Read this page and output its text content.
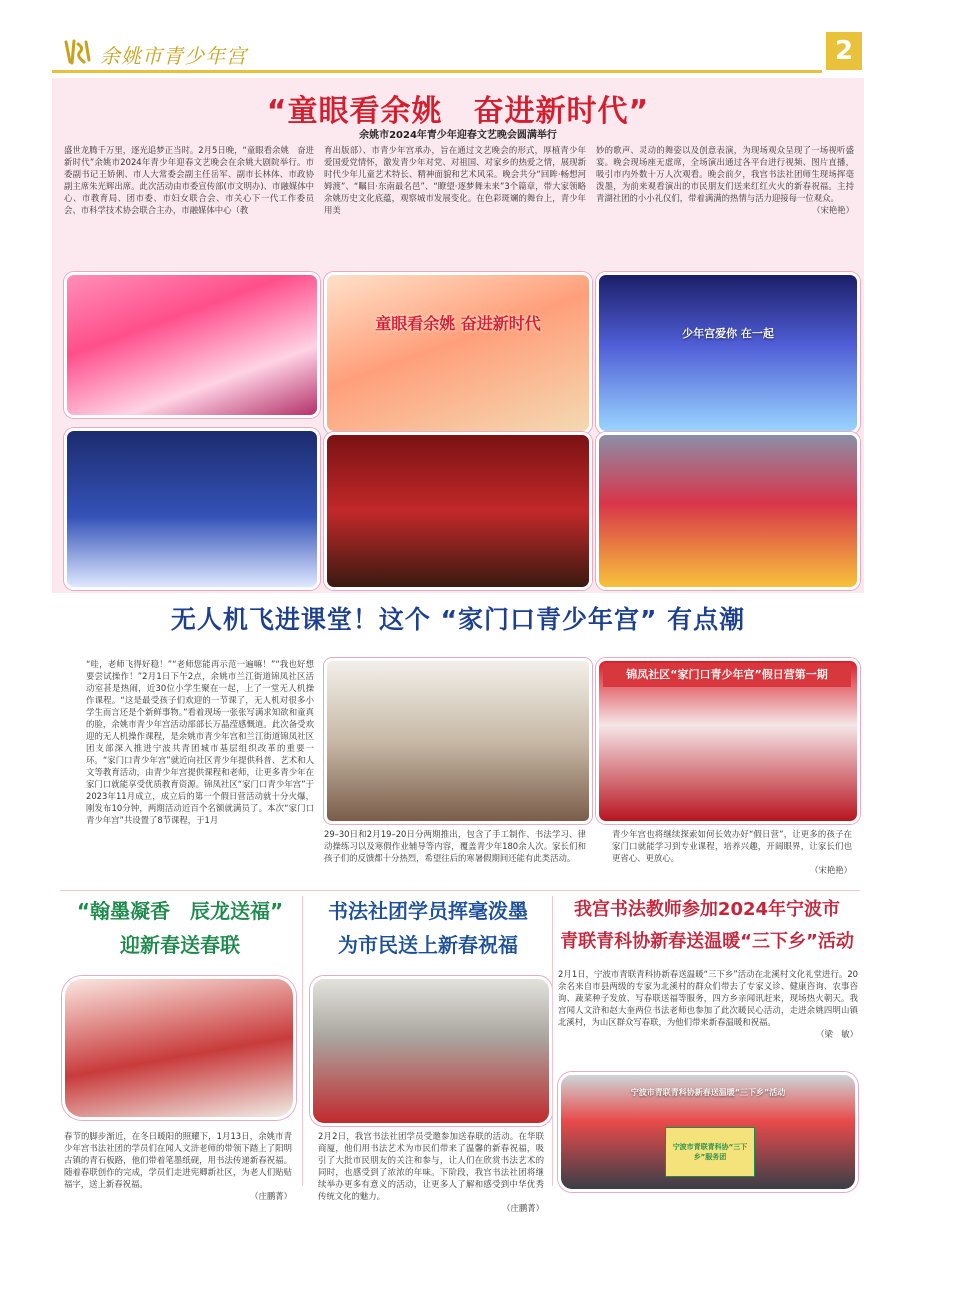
余姚市青少年宫	2
“童眼看余姚　奋进新时代”
余姚市2024年青少年迎春文艺晚会圆满举行

盛世龙腾千万里，逐光追梦正当时。2月5日晚，“童眼看余姚　奋进新时代”余姚市2024年青少年迎春文艺晚会在余姚大剧院举行。市委副书记王娇俐、市人大常委会副主任岳军、副市长林体、市政协副主席朱光辉出席。此次活动由市委宣传部(市文明办)、市融媒体中心、市教育局、团市委、市妇女联合会、市关心下一代工作委员会、市科学技术协会联合主办，市融媒体中心（教

育出版部）、市青少年宫承办，旨在通过文艺晚会的形式，厚植青少年爱国爱党情怀，激发青少年对党、对祖国、对家乡的热爱之情，展现新时代少年儿童艺术特长、精神面貌和艺术风采。晚会共分“回眸·畅想河姆渡”、“瞩目·东南最名邑”、“瞭望·逐梦舞未来”3个篇章，带大家领略余姚历史文化底蕴，观察城市发展变化。在色彩斑斓的舞台上，青少年用美

妙的歌声、灵动的舞姿以及创意表演，为现场观众呈现了一场视听盛宴。晚会现场座无虚席，全场演出通过各平台进行视频、图片直播，吸引市内外数十万人次观看。晚会前夕，我宫书法社团师生现场挥毫泼墨，为前来观看演出的市民朋友们送来红红火火的新春祝福。主持青湖社团的小小礼仪们，带着满满的热情与活力迎接每一位观众。

（宋艳艳）
童眼看余姚 奋进新时代
少年宫爱你 在一起
无人机飞进课堂！这个 “家门口青少年宫” 有点潮

“哇，老师飞得好稳！”“老师您能再示范一遍嘛！”“我也好想要尝试操作！”2月1日下午2点，余姚市兰江街道锦凤社区活动室甚是热闹，近30位小学生聚在一起，上了一堂无人机操作课程。“这是最受孩子们欢迎的一节课了，无人机对很多小学生而言还是个新鲜事物。”看着现场一张张写满求知欲和童真的脸，余姚市青少年宫活动部部长万晶滢感慨道。此次备受欢迎的无人机操作课程，是余姚市青少年宫和兰江街道锦凤社区团支部深入推进宁波共青团城市基层组织改革的重要一环。“家门口青少年宫”就近向社区青少年提供科普、艺术和人文等教育活动，由青少年宫提供课程和老师，让更多青少年在家门口就能享受优质教育资源。锦凤社区“家门口青少年宫”于2023年11月成立，成立后的第一个假日营活动就十分火爆，刚发布10分钟，两期活动近百个名额就满员了。本次“家门口青少年宫”共设置了8节课程，于1月

29–30日和2月19–20日分两期推出，包含了手工制作、书法学习、律动操练习以及寒假作业辅导等内容，覆盖青少年180余人次。家长们和孩子们的反馈都十分热烈，希望往后的寒暑假期间还能有此类活动。

锦凤社区“家门口青少年宫”假日营第一期

青少年宫也将继续探索如何长效办好“假日营”，让更多的孩子在家门口就能学习到专业课程，培养兴趣，开阔眼界，让家长们也更省心、更放心。

（宋艳艳）
“翰墨凝香　辰龙送福”
迎新春送春联

春节的脚步渐近，在冬日暖阳的照耀下，1月13日，余姚市青少年宫书法社团的学员们在闻人文浒老师的带领下踏上了阳明古镇的青石板路，他们带着笔墨纸砚，用书法传递新春祝福。随着春联创作的完成，学员们走进宪卿新社区，为老人们贴贴福字，送上新春祝福。

（庄鹏菁）
书法社团学员挥毫泼墨
为市民送上新春祝福

2月2日，我宫书法社团学员受邀参加送春联的活动。在华联商厦，他们用书法艺术为市民们带来了温馨的新春祝福，吸引了大批市民朋友的关注和参与，让人们在欣赏书法艺术的同时，也感受到了浓浓的年味。下阶段，我宫书法社团将继续举办更多有意义的活动，让更多人了解和感受到中华优秀传统文化的魅力。

（庄鹏菁）
我宫书法教师参加2024年宁波市
青联青科协新春送温暖“三下乡”活动

2月1日，宁波市青联青科协新春送温暖“三下乡”活动在北溪村文化礼堂进行。20余名来自市县两级的专家为北溪村的群众们带去了专家义诊、健康咨询、农事咨询、蔬菜种子发放、写春联送福等服务，四方乡亲闻讯赶来，现场热火朝天。我宫闻人文浒和赵大奎两位书法老师也参加了此次暖民心活动，走进余姚四明山镇北溪村，为山区群众写春联，为他们带来新春温暖和祝福。

（梁　敏）
宁波市青联青科协新春送温暖“三下乡”活动
宁波市青联青科协“三下乡”服务团
